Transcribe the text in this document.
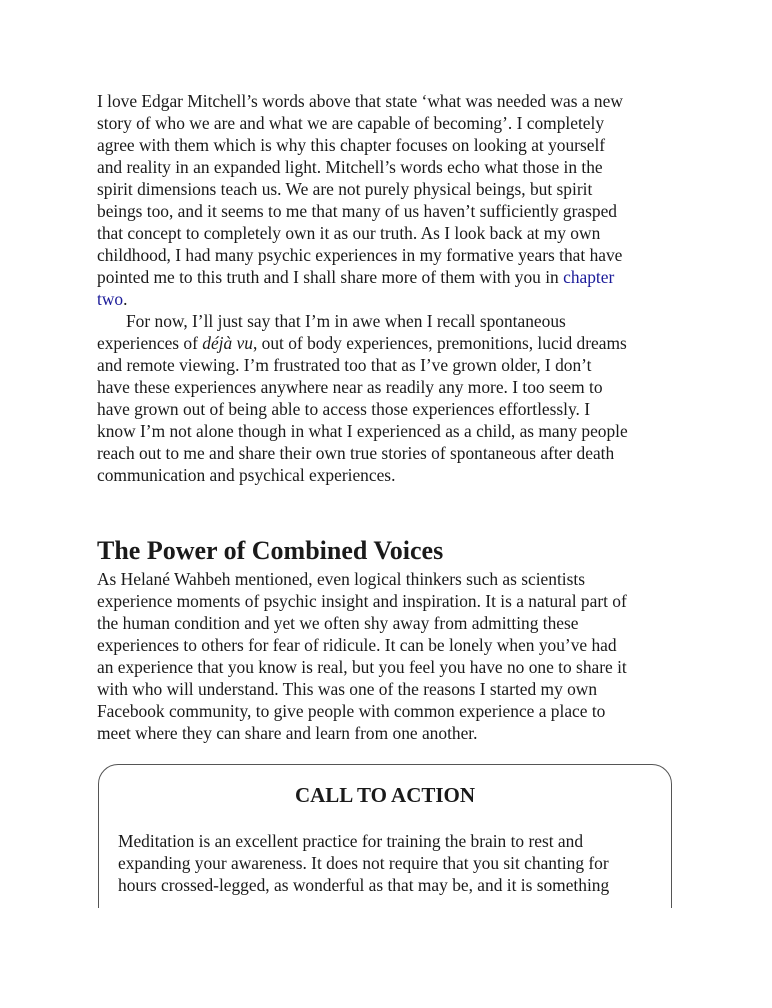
I love Edgar Mitchell’s words above that state ‘what was needed was a new
story of who we are and what we are capable of becoming’. I completely
agree with them which is why this chapter focuses on looking at yourself
and reality in an expanded light. Mitchell’s words echo what those in the
spirit dimensions teach us. We are not purely physical beings, but spirit
beings too, and it seems to me that many of us haven’t sufficiently grasped
that concept to completely own it as our truth. As I look back at my own
childhood, I had many psychic experiences in my formative years that have
pointed me to this truth and I shall share more of them with you in chapter
two.

For now, I’ll just say that I’m in awe when I recall spontaneous
experiences of déjà vu, out of body experiences, premonitions, lucid dreams
and remote viewing. I’m frustrated too that as I’ve grown older, I don’t
have these experiences anywhere near as readily any more. I too seem to
have grown out of being able to access those experiences effortlessly. I
know I’m not alone though in what I experienced as a child, as many people
reach out to me and share their own true stories of spontaneous after death
communication and psychical experiences.

The Power of Combined Voices

As Helané Wahbeh mentioned, even logical thinkers such as scientists
experience moments of psychic insight and inspiration. It is a natural part of
the human condition and yet we often shy away from admitting these
experiences to others for fear of ridicule. It can be lonely when you’ve had
an experience that you know is real, but you feel you have no one to share it
with who will understand. This was one of the reasons I started my own
Facebook community, to give people with common experience a place to
meet where they can share and learn from one another.

CALL TO ACTION

Meditation is an excellent practice for training the brain to rest and
expanding your awareness. It does not require that you sit chanting for
hours crossed-legged, as wonderful as that may be, and it is something
